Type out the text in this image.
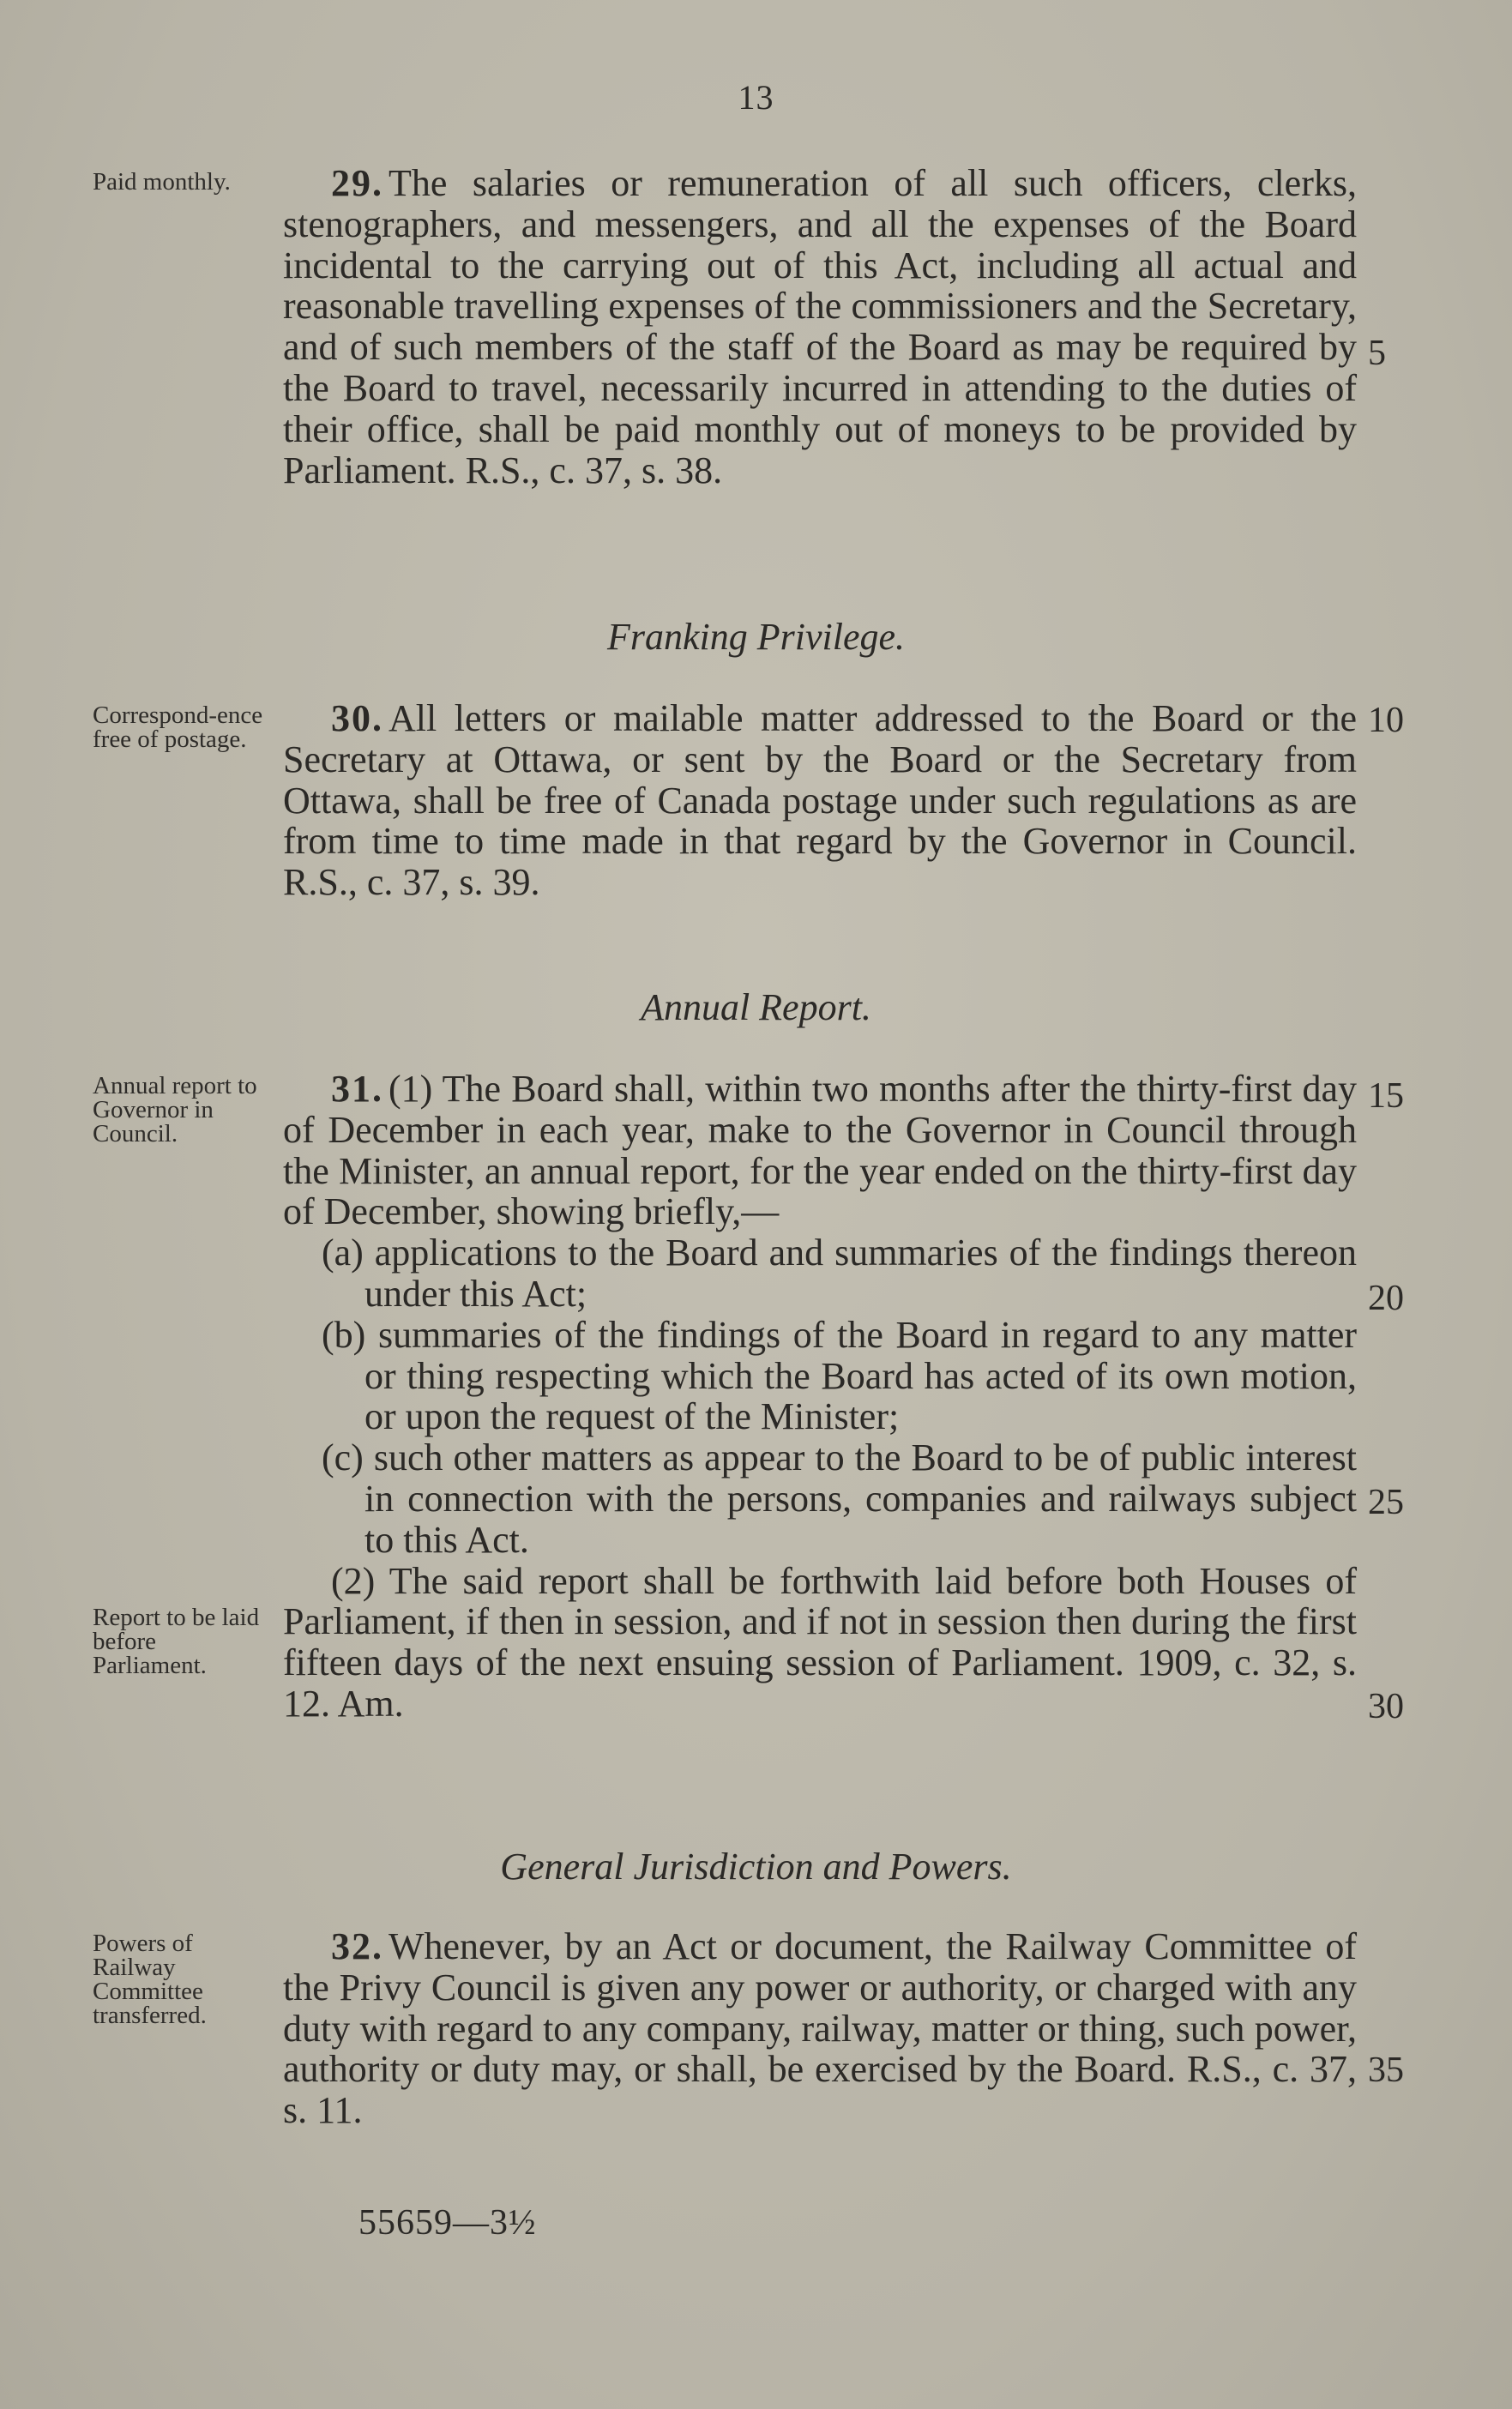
13
Paid monthly.	29. The salaries or remuneration of all such officers, clerks, stenographers, and messengers, and all the expenses of the Board incidental to the carrying out of this Act, including all actual and reasonable travelling expenses of the commissioners and the Secretary, and of such members of the staff of the Board as may be required by the Board to travel, necessarily incurred in attending to the duties of their office, shall be paid monthly out of moneys to be provided by Parliament. R.S., c. 37, s. 38.

5
Franking Privilege.
Correspond-ence free of postage.	30. All letters or mailable matter addressed to the Board or the Secretary at Ottawa, or sent by the Board or the Secretary from Ottawa, shall be free of Canada postage under such regulations as are from time to time made in that regard by the Governor in Council. R.S., c. 37, s. 39.

10
Annual Report.
Annual report to Governor in Council.
Report to be laid before Parliament.

31. (1) The Board shall, within two months after the thirty-first day of December in each year, make to the Governor in Council through the Minister, an annual report, for the year ended on the thirty-first day of December, showing briefly,—

(a) applications to the Board and summaries of the findings thereon under this Act;

(b) summaries of the findings of the Board in regard to any matter or thing respecting which the Board has acted of its own motion, or upon the request of the Minister;

(c) such other matters as appear to the Board to be of public interest in connection with the persons, companies and railways subject to this Act.

(2) The said report shall be forthwith laid before both Houses of Parliament, if then in session, and if not in session then during the first fifteen days of the next ensuing session of Parliament. 1909, c. 32, s. 12. Am.

15
20
25
30
General Jurisdiction and Powers.
Powers of Railway Committee transferred.

32. Whenever, by an Act or document, the Railway Committee of the Privy Council is given any power or authority, or charged with any duty with regard to any company, railway, matter or thing, such power, authority or duty may, or shall, be exercised by the Board. R.S., c. 37, s. 11.

35
55659—3½
